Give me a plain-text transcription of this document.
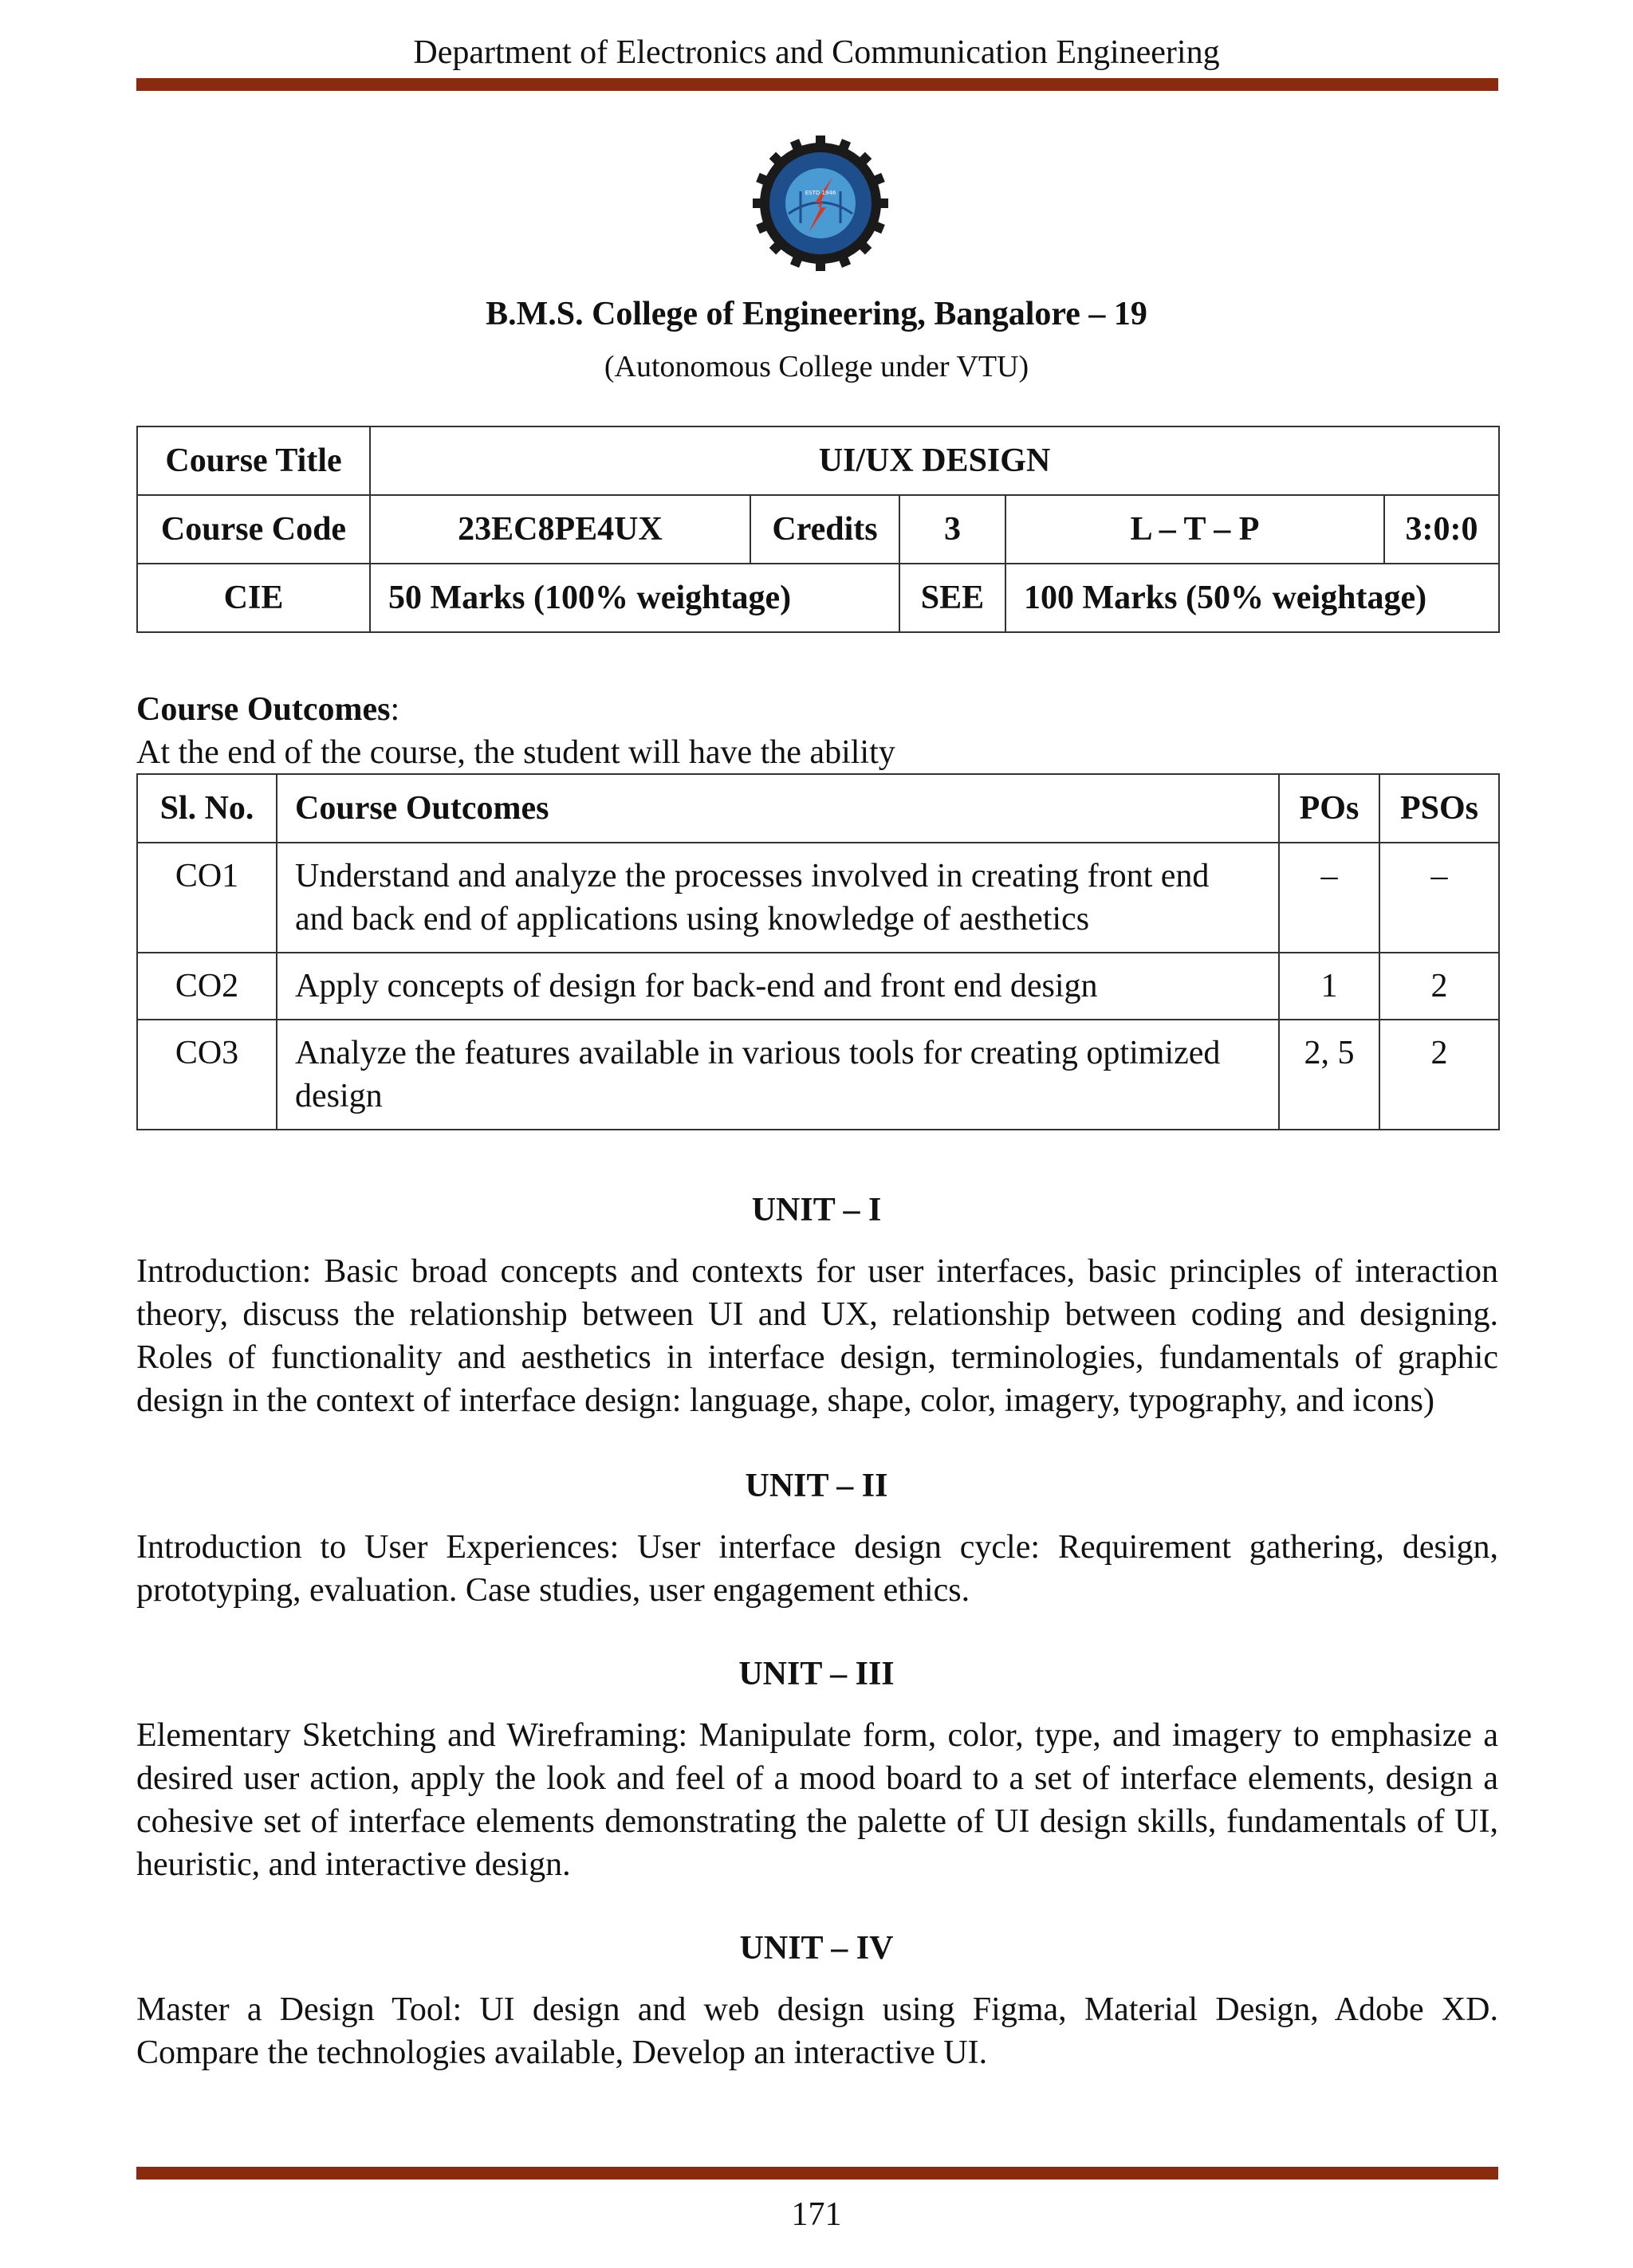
Department of Electronics and Communication Engineering
ESTD 1946
B.M.S. College of Engineering, Bangalore – 19
(Autonomous College under VTU)
Course Title	UI/UX DESIGN				
Course Code	23EC8PE4UX	Credits	3	L – T – P	3:0:0
CIE	50 Marks (100% weightage)		SEE	100 Marks (50% weightage)	
Course Outcomes:
At the end of the course, the student will have the ability
Sl. No.	Course Outcomes	POs	PSOs
CO1	Understand and analyze the processes involved in creating front end and back end of applications using knowledge of aesthetics	–	–
CO2	Apply concepts of design for back-end and front end design	1	2
CO3	Analyze the features available in various tools for creating optimized design	2, 5	2
UNIT – I
Introduction: Basic broad concepts and contexts for user interfaces, basic principles of interaction theory, discuss the relationship between UI and UX, relationship between coding and designing. Roles of functionality and aesthetics in interface design, terminologies, fundamentals of graphic design in the context of interface design: language, shape, color, imagery, typography, and icons)
UNIT – II
Introduction to User Experiences: User interface design cycle: Requirement gathering, design, prototyping, evaluation. Case studies, user engagement ethics.
UNIT – III
Elementary Sketching and Wireframing: Manipulate form, color, type, and imagery to emphasize a desired user action, apply the look and feel of a mood board to a set of interface elements, design a cohesive set of interface elements demonstrating the palette of UI design skills, fundamentals of UI, heuristic, and interactive design.
UNIT – IV
Master a Design Tool: UI design and web design using Figma, Material Design, Adobe XD. Compare the technologies available, Develop an interactive UI.
171
